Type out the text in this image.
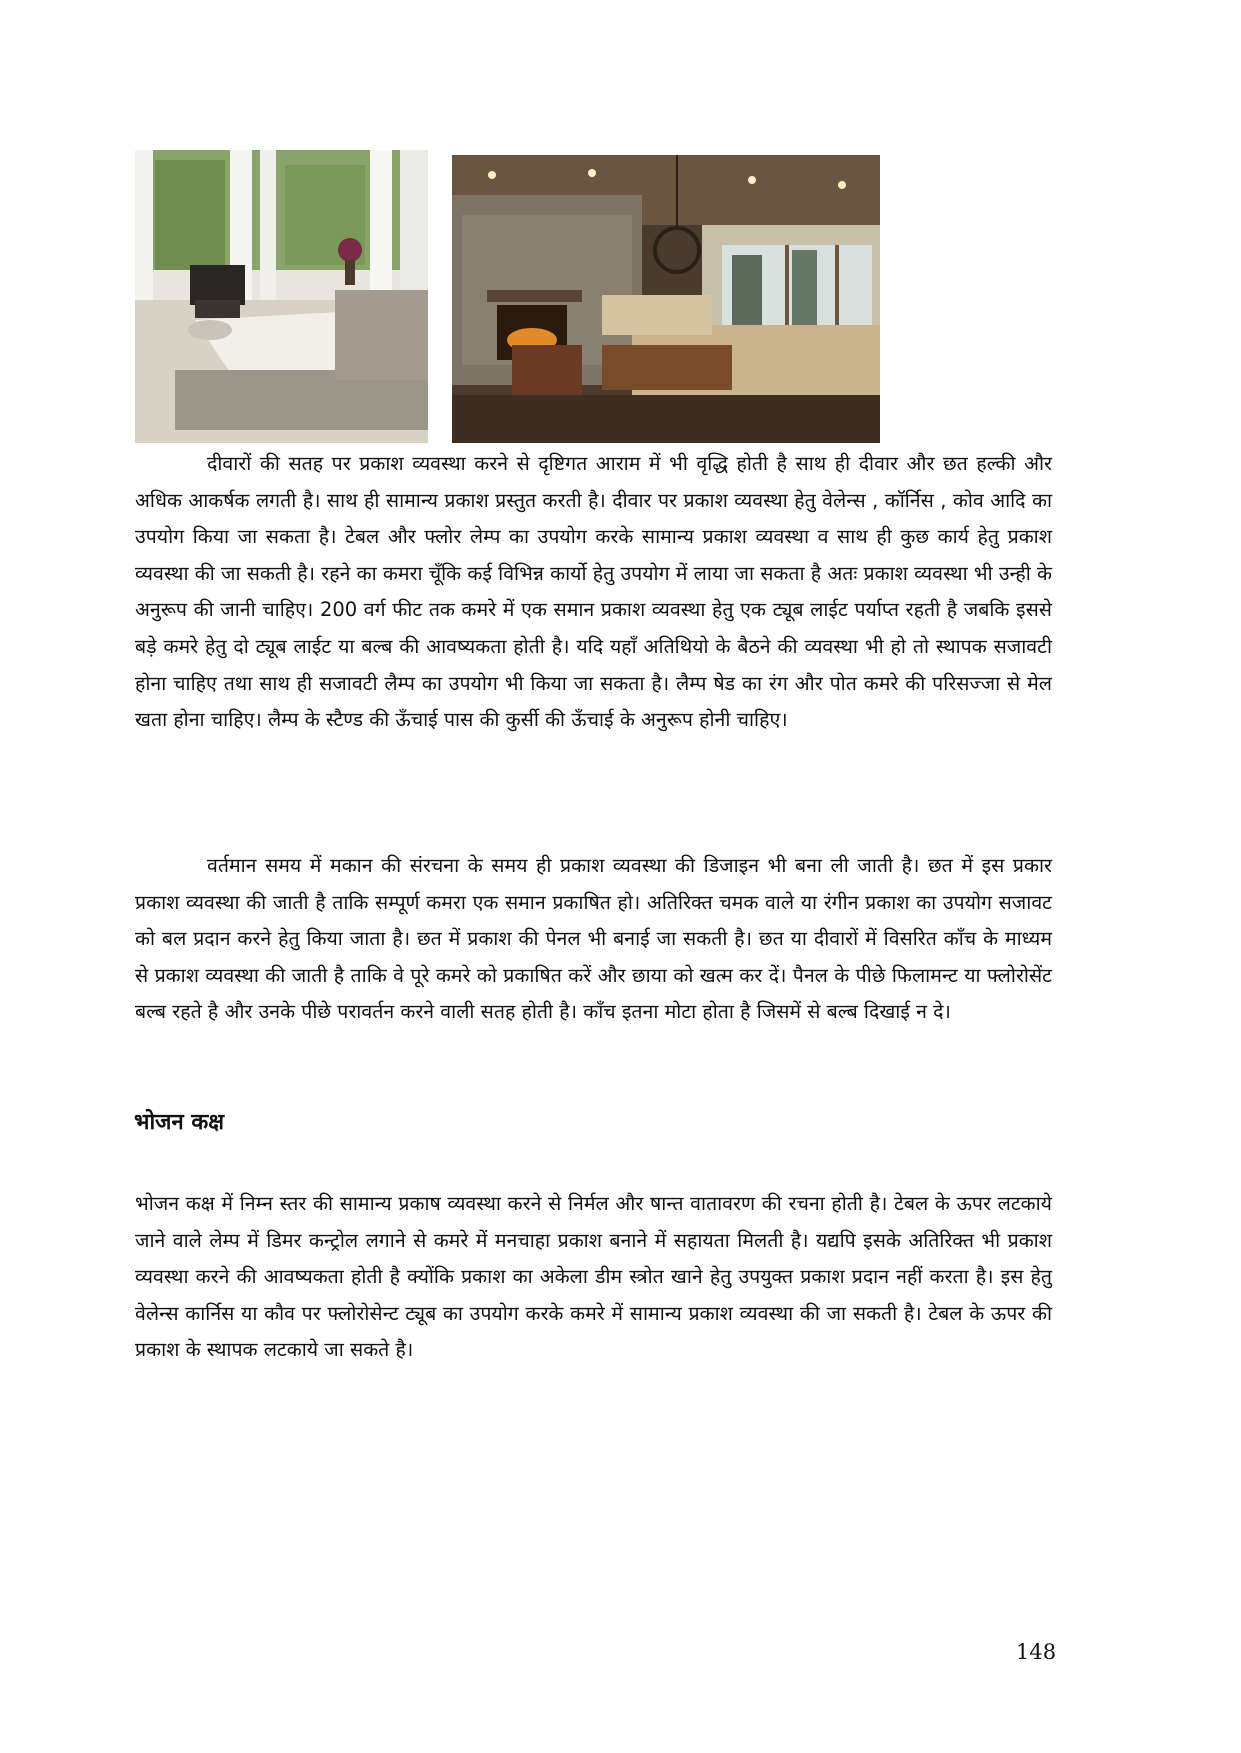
दीवारों की सतह पर प्रकाश व्यवस्था करने से दृष्टिगत आराम में भी वृद्धि होती है साथ ही दीवार और छत हल्की और अधिक आकर्षक लगती है। साथ ही सामान्य प्रकाश प्रस्तुत करती है। दीवार पर प्रकाश व्यवस्था हेतु वेलेन्स , कॉर्निस , कोव आदि का उपयोग किया जा सकता है। टेबल और फ्लोर लेम्प का उपयोग करके सामान्य प्रकाश व्यवस्था व साथ ही कुछ कार्य हेतु प्रकाश व्यवस्था की जा सकती है। रहने का कमरा चूँकि कई विभिन्न कार्यो हेतु उपयोग में लाया जा सकता है अतः प्रकाश व्यवस्था भी उन्ही के अनुरूप की जानी चाहिए। 200 वर्ग फीट तक कमरे में एक समान प्रकाश व्यवस्था हेतु एक ट्यूब लाईट पर्याप्त रहती है जबकि इससे बड़े कमरे हेतु दो ट्यूब लाईट या बल्ब की आवष्यकता होती है। यदि यहाँ अतिथियो के बैठने की व्यवस्था भी हो तो स्थापक सजावटी होना चाहिए तथा साथ ही सजावटी लैम्प का उपयोग भी किया जा सकता है। लैम्प षेड का रंग और पोत कमरे की परिसज्जा से मेल खता होना चाहिए। लैम्प के स्टैण्ड की ऊँचाई पास की कुर्सी की ऊँचाई के अनुरूप होनी चाहिए।

वर्तमान समय में मकान की संरचना के समय ही प्रकाश व्यवस्था की डिजाइन भी बना ली जाती है। छत में इस प्रकार प्रकाश व्यवस्था की जाती है ताकि सम्पूर्ण कमरा एक समान प्रकाषित हो। अतिरिक्त चमक वाले या रंगीन प्रकाश का उपयोग सजावट को बल प्रदान करने हेतु किया जाता है। छत में प्रकाश की पेनल भी बनाई जा सकती है। छत या दीवारों में विसरित कॉंच के माध्यम से प्रकाश व्यवस्था की जाती है ताकि वे पूरे कमरे को प्रकाषित करें और छाया को खत्म कर दें। पैनल के पीछे फिलामन्ट या फ्लोरोसेंट बल्ब रहते है और उनके पीछे परावर्तन करने वाली सतह होती है। कॉंच इतना मोटा होता है जिसमें से बल्ब दिखाई न दे।

भोजन कक्ष

भोजन कक्ष में निम्न स्तर की सामान्य प्रकाष व्यवस्था करने से निर्मल और षान्त वातावरण की रचना होती है। टेबल के ऊपर लटकाये जाने वाले लेम्प में डिमर कन्ट्रोल लगाने से कमरे में मनचाहा प्रकाश बनाने में सहायता मिलती है। यद्यपि इसके अतिरिक्त भी प्रकाश व्यवस्था करने की आवष्यकता होती है क्योंकि प्रकाश का अकेला डीम स्त्रोत खाने हेतु उपयुक्त प्रकाश प्रदान नहीं करता है। इस हेतु वेलेन्स कार्निस या कौव पर फ्लोरोसेन्ट ट्यूब का उपयोग करके कमरे में सामान्य प्रकाश व्यवस्था की जा सकती है। टेबल के ऊपर की प्रकाश के स्थापक लटकाये जा सकते है।

148
